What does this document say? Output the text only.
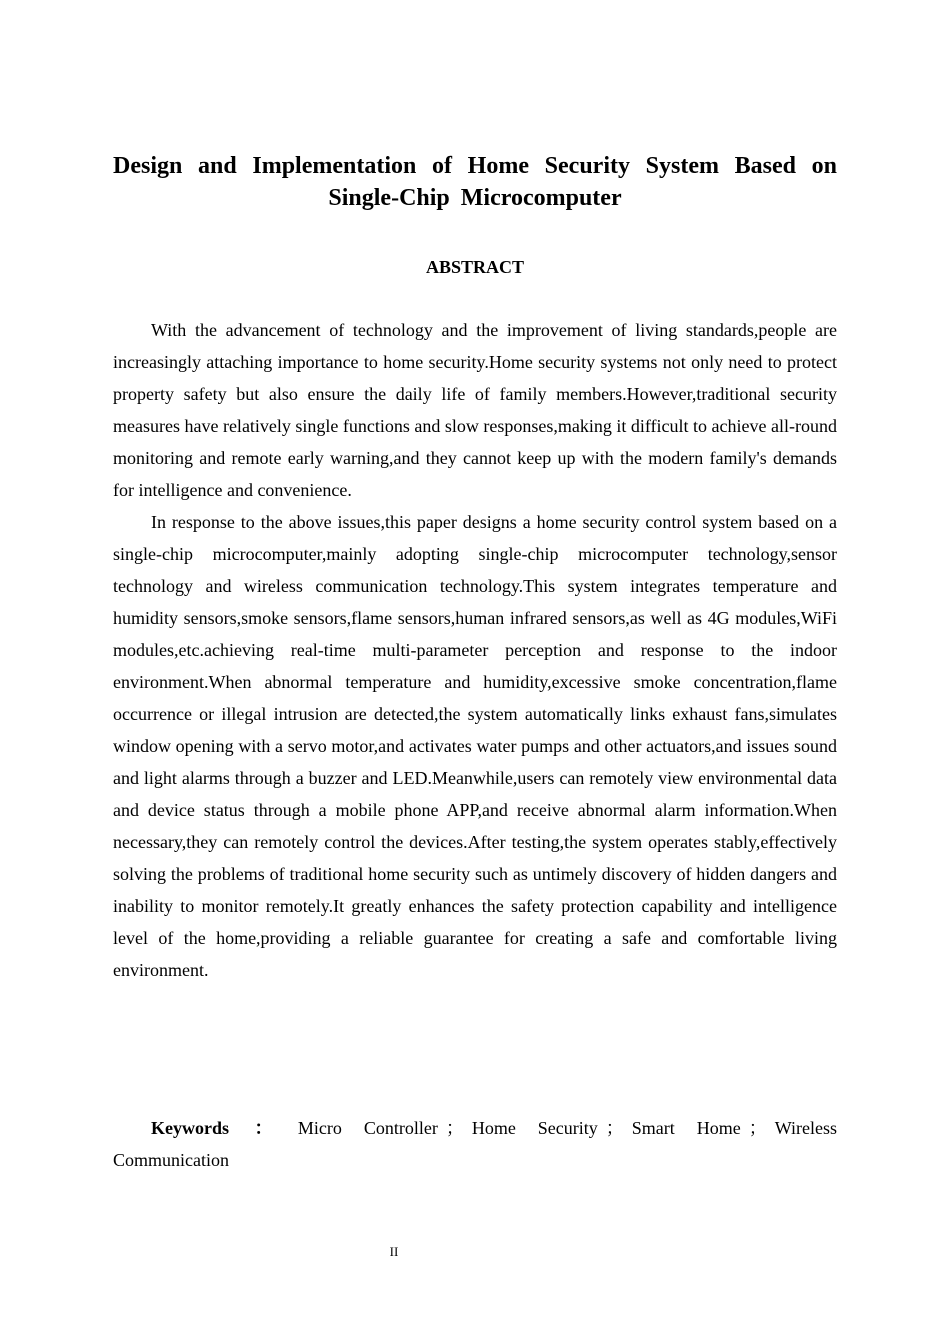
Design and Implementation of Home Security System Based on Single-Chip Microcomputer
ABSTRACT

With the advancement of technology and the improvement of living standards,people are increasingly attaching importance to home security.Home security systems not only need to protect property safety but also ensure the daily life of family members.However,traditional security measures have relatively single functions and slow responses,making it difficult to achieve all-round monitoring and remote early warning,and they cannot keep up with the modern family's demands for intelligence and convenience.

In response to the above issues,this paper designs a home security control system based on a single-chip microcomputer,mainly adopting single-chip microcomputer technology,sensor technology and wireless communication technology.This system integrates temperature and humidity sensors,smoke sensors,flame sensors,human infrared sensors,as well as 4G modules,WiFi modules,etc.achieving real-time multi-parameter perception and response to the indoor environment.When abnormal temperature and humidity,excessive smoke concentration,flame occurrence or illegal intrusion are detected,the system automatically links exhaust fans,simulates window opening with a servo motor,and activates water pumps and other actuators,and issues sound and light alarms through a buzzer and LED.Meanwhile,users can remotely view environmental data and device status through a mobile phone APP,and receive abnormal alarm information.When necessary,they can remotely control the devices.After testing,the system operates stably,effectively solving the problems of traditional home security such as untimely discovery of hidden dangers and inability to monitor remotely.It greatly enhances the safety protection capability and intelligence level of the home,providing a reliable guarantee for creating a safe and comfortable living environment.

Keywords ： Micro Controller ； Home Security ； Smart Home ； Wireless Communication

II
